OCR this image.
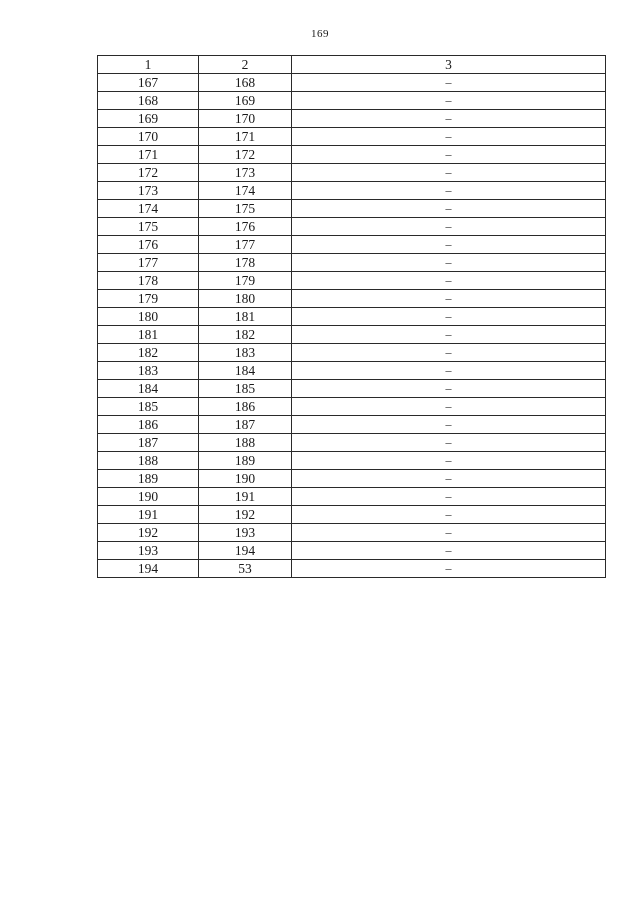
169
1	2	3
167	168	–
168	169	–
169	170	–
170	171	–
171	172	–
172	173	–
173	174	–
174	175	–
175	176	–
176	177	–
177	178	–
178	179	–
179	180	–
180	181	–
181	182	–
182	183	–
183	184	–
184	185	–
185	186	–
186	187	–
187	188	–
188	189	–
189	190	–
190	191	–
191	192	–
192	193	–
193	194	–
194	53	–
